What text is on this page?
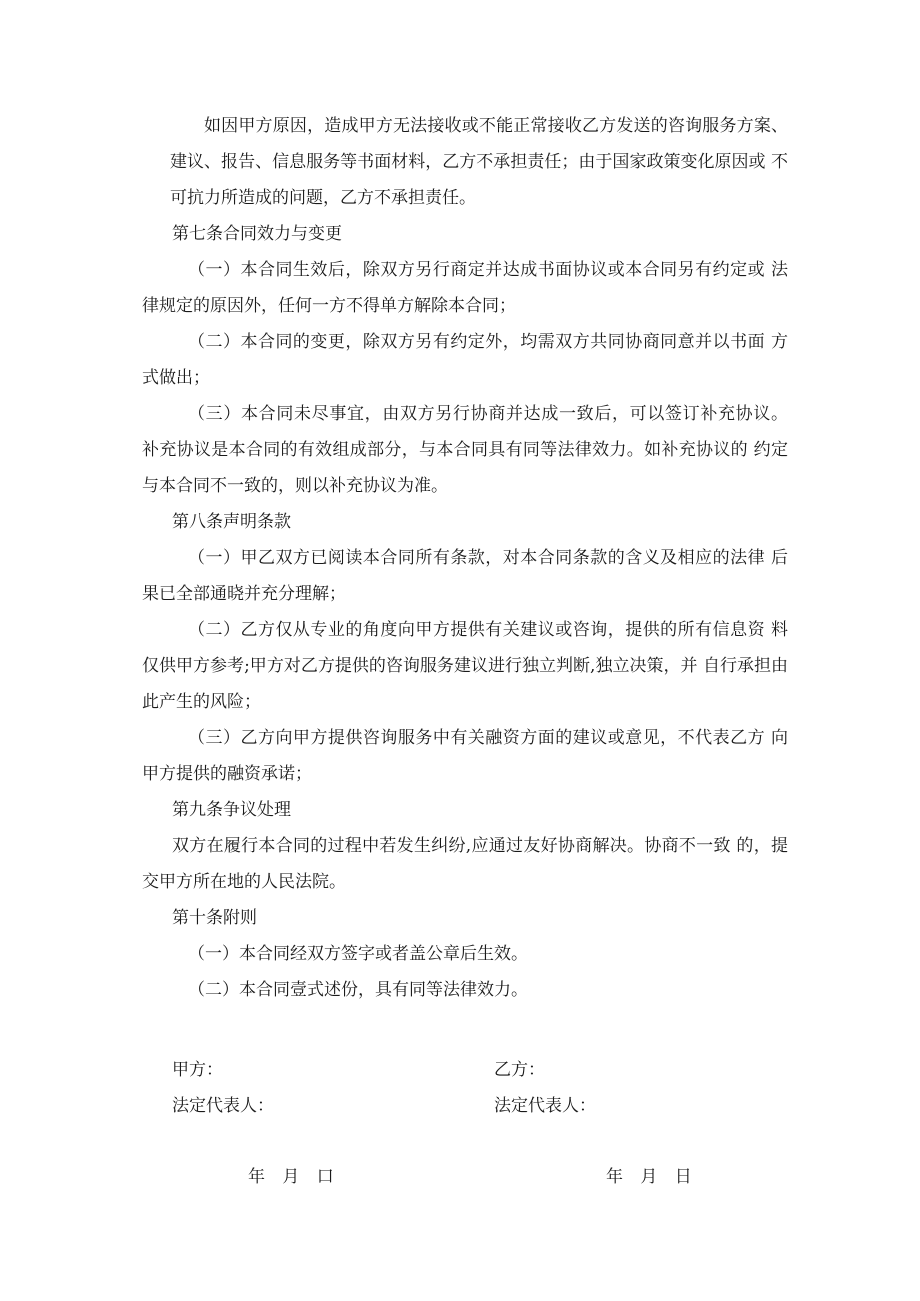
如因甲方原因，造成甲方无法接收或不能正常接收乙方发送的咨询服务方案、 建议、报告、信息服务等书面材料，乙方不承担责任；由于国家政策变化原因或 不可抗力所造成的问题，乙方不承担责任。

第七条合同效力与变更

（一）本合同生效后，除双方另行商定并达成书面协议或本合同另有约定或 法律规定的原因外，任何一方不得单方解除本合同；

（二）本合同的变更，除双方另有约定外，均需双方共同协商同意并以书面 方式做出；

（三）本合同未尽事宜，由双方另行协商并达成一致后，可以签订补充协议。 补充协议是本合同的有效组成部分，与本合同具有同等法律效力。如补充协议的 约定与本合同不一致的，则以补充协议为准。

第八条声明条款

（一）甲乙双方已阅读本合同所有条款，对本合同条款的含义及相应的法律 后果已全部通晓并充分理解；

（二）乙方仅从专业的角度向甲方提供有关建议或咨询，提供的所有信息资 料仅供甲方参考;甲方对乙方提供的咨询服务建议进行独立判断,独立决策，并 自行承担由此产生的风险；

（三）乙方向甲方提供咨询服务中有关融资方面的建议或意见，不代表乙方 向甲方提供的融资承诺；

第九条争议处理

双方在履行本合同的过程中若发生纠纷,应通过友好协商解决。协商不一致 的，提交甲方所在地的人民法院。

第十条附则

（一）本合同经双方签字或者盖公章后生效。

（二）本合同壹式述份，具有同等法律效力。

甲方：
法定代表人：
乙方：
法定代表人：
年 月 口	年 月 日
